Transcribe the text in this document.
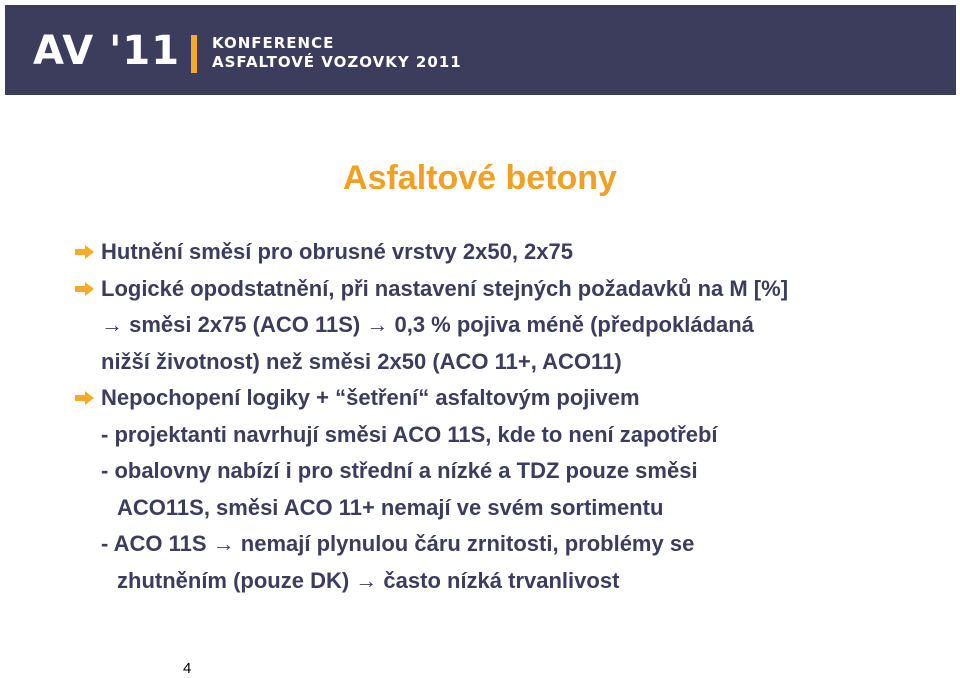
AV '11 KONFERENCE
ASFALTOVÉ VOZOVKY 2011
Asfaltové betony
Hutnění směsí pro obrusné vrstvy 2x50, 2x75
Logické opodstatnění, při nastavení stejných požadavků na M [%]
→ směsi 2x75 (ACO 11S) → 0,3 % pojiva méně (předpokládaná
nižší životnost) než směsi 2x50 (ACO 11+, ACO11)
Nepochopení logiky + “šetření“ asfaltovým pojivem
- projektanti navrhují směsi ACO 11S, kde to není zapotřebí
- obalovny nabízí i pro střední a nízké a TDZ pouze směsi
ACO11S, směsi ACO 11+ nemají ve svém sortimentu
- ACO 11S → nemají plynulou čáru zrnitosti, problémy se
zhutněním (pouze DK) → často nízká trvanlivost
4
